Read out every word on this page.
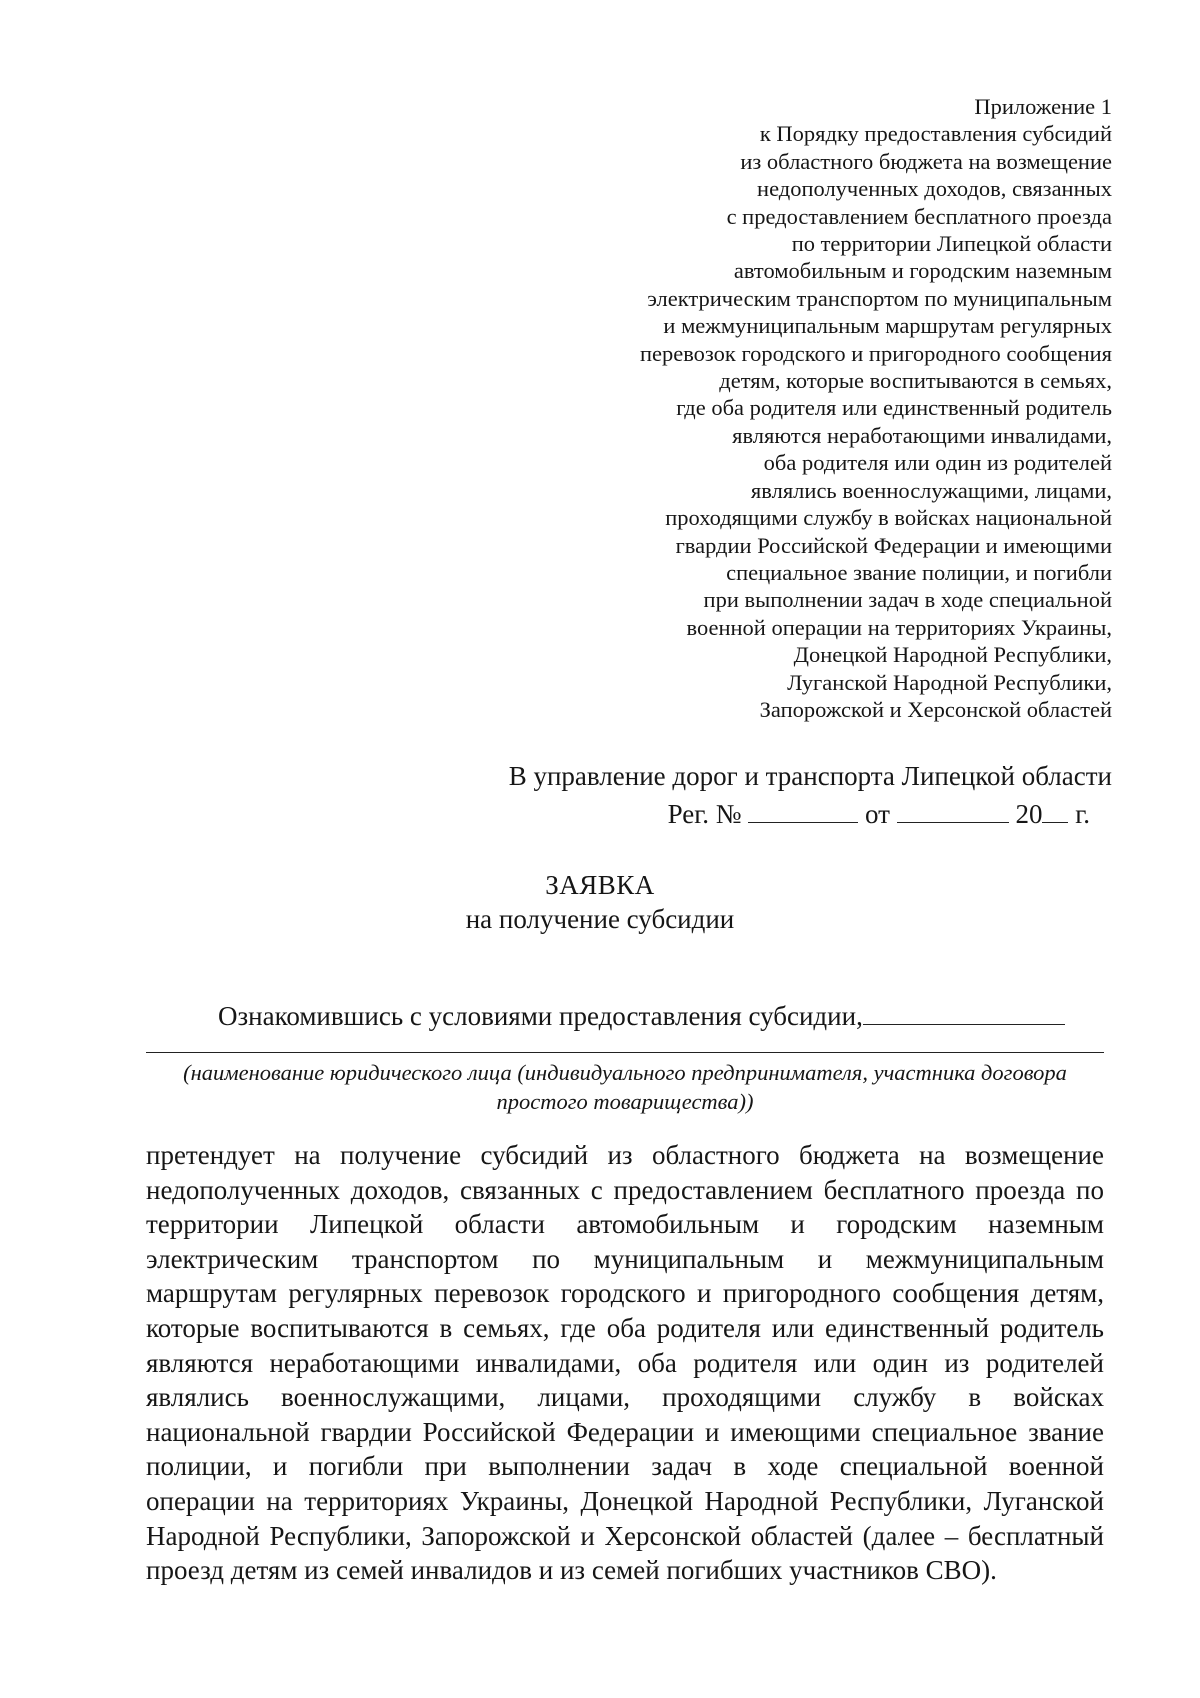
Приложение 1
к Порядку предоставления субсидий
из областного бюджета на возмещение
недополученных доходов, связанных
с предоставлением бесплатного проезда
по территории Липецкой области
автомобильным и городским наземным
электрическим транспортом по муниципальным
и межмуниципальным маршрутам регулярных
перевозок городского и пригородного сообщения
детям, которые воспитываются в семьях,
где оба родителя или единственный родитель
являются неработающими инвалидами,
оба родителя или один из родителей
являлись военнослужащими, лицами,
проходящими службу в войсках национальной
гвардии Российской Федерации и имеющими
специальное звание полиции, и погибли
при выполнении задач в ходе специальной
военной операции на территориях Украины,
Донецкой Народной Республики,
Луганской Народной Республики,
Запорожской и Херсонской областей
В управление дорог и транспорта Липецкой области
Рег. №	от	20 г.
ЗАЯВКА
на получение субсидии
Ознакомившись с условиями предоставления субсидии,
(наименование юридического лица (индивидуального предпринимателя, участника договора простого товарищества))
претендует на получение субсидий из областного бюджета на возмещение
недополученных доходов, связанных с предоставлением бесплатного проезда по
территории Липецкой области автомобильным и городским наземным
электрическим транспортом по муниципальным и межмуниципальным
маршрутам регулярных перевозок городского и пригородного сообщения детям,
которые воспитываются в семьях, где оба родителя или единственный родитель
являются неработающими инвалидами, оба родителя или один из родителей
являлись военнослужащими, лицами, проходящими службу в войсках
национальной гвардии Российской Федерации и имеющими специальное звание
полиции, и погибли при выполнении задач в ходе специальной военной
операции на территориях Украины, Донецкой Народной Республики, Луганской
Народной Республики, Запорожской и Херсонской областей (далее – бесплатный
проезд детям из семей инвалидов и из семей погибших участников СВО).
